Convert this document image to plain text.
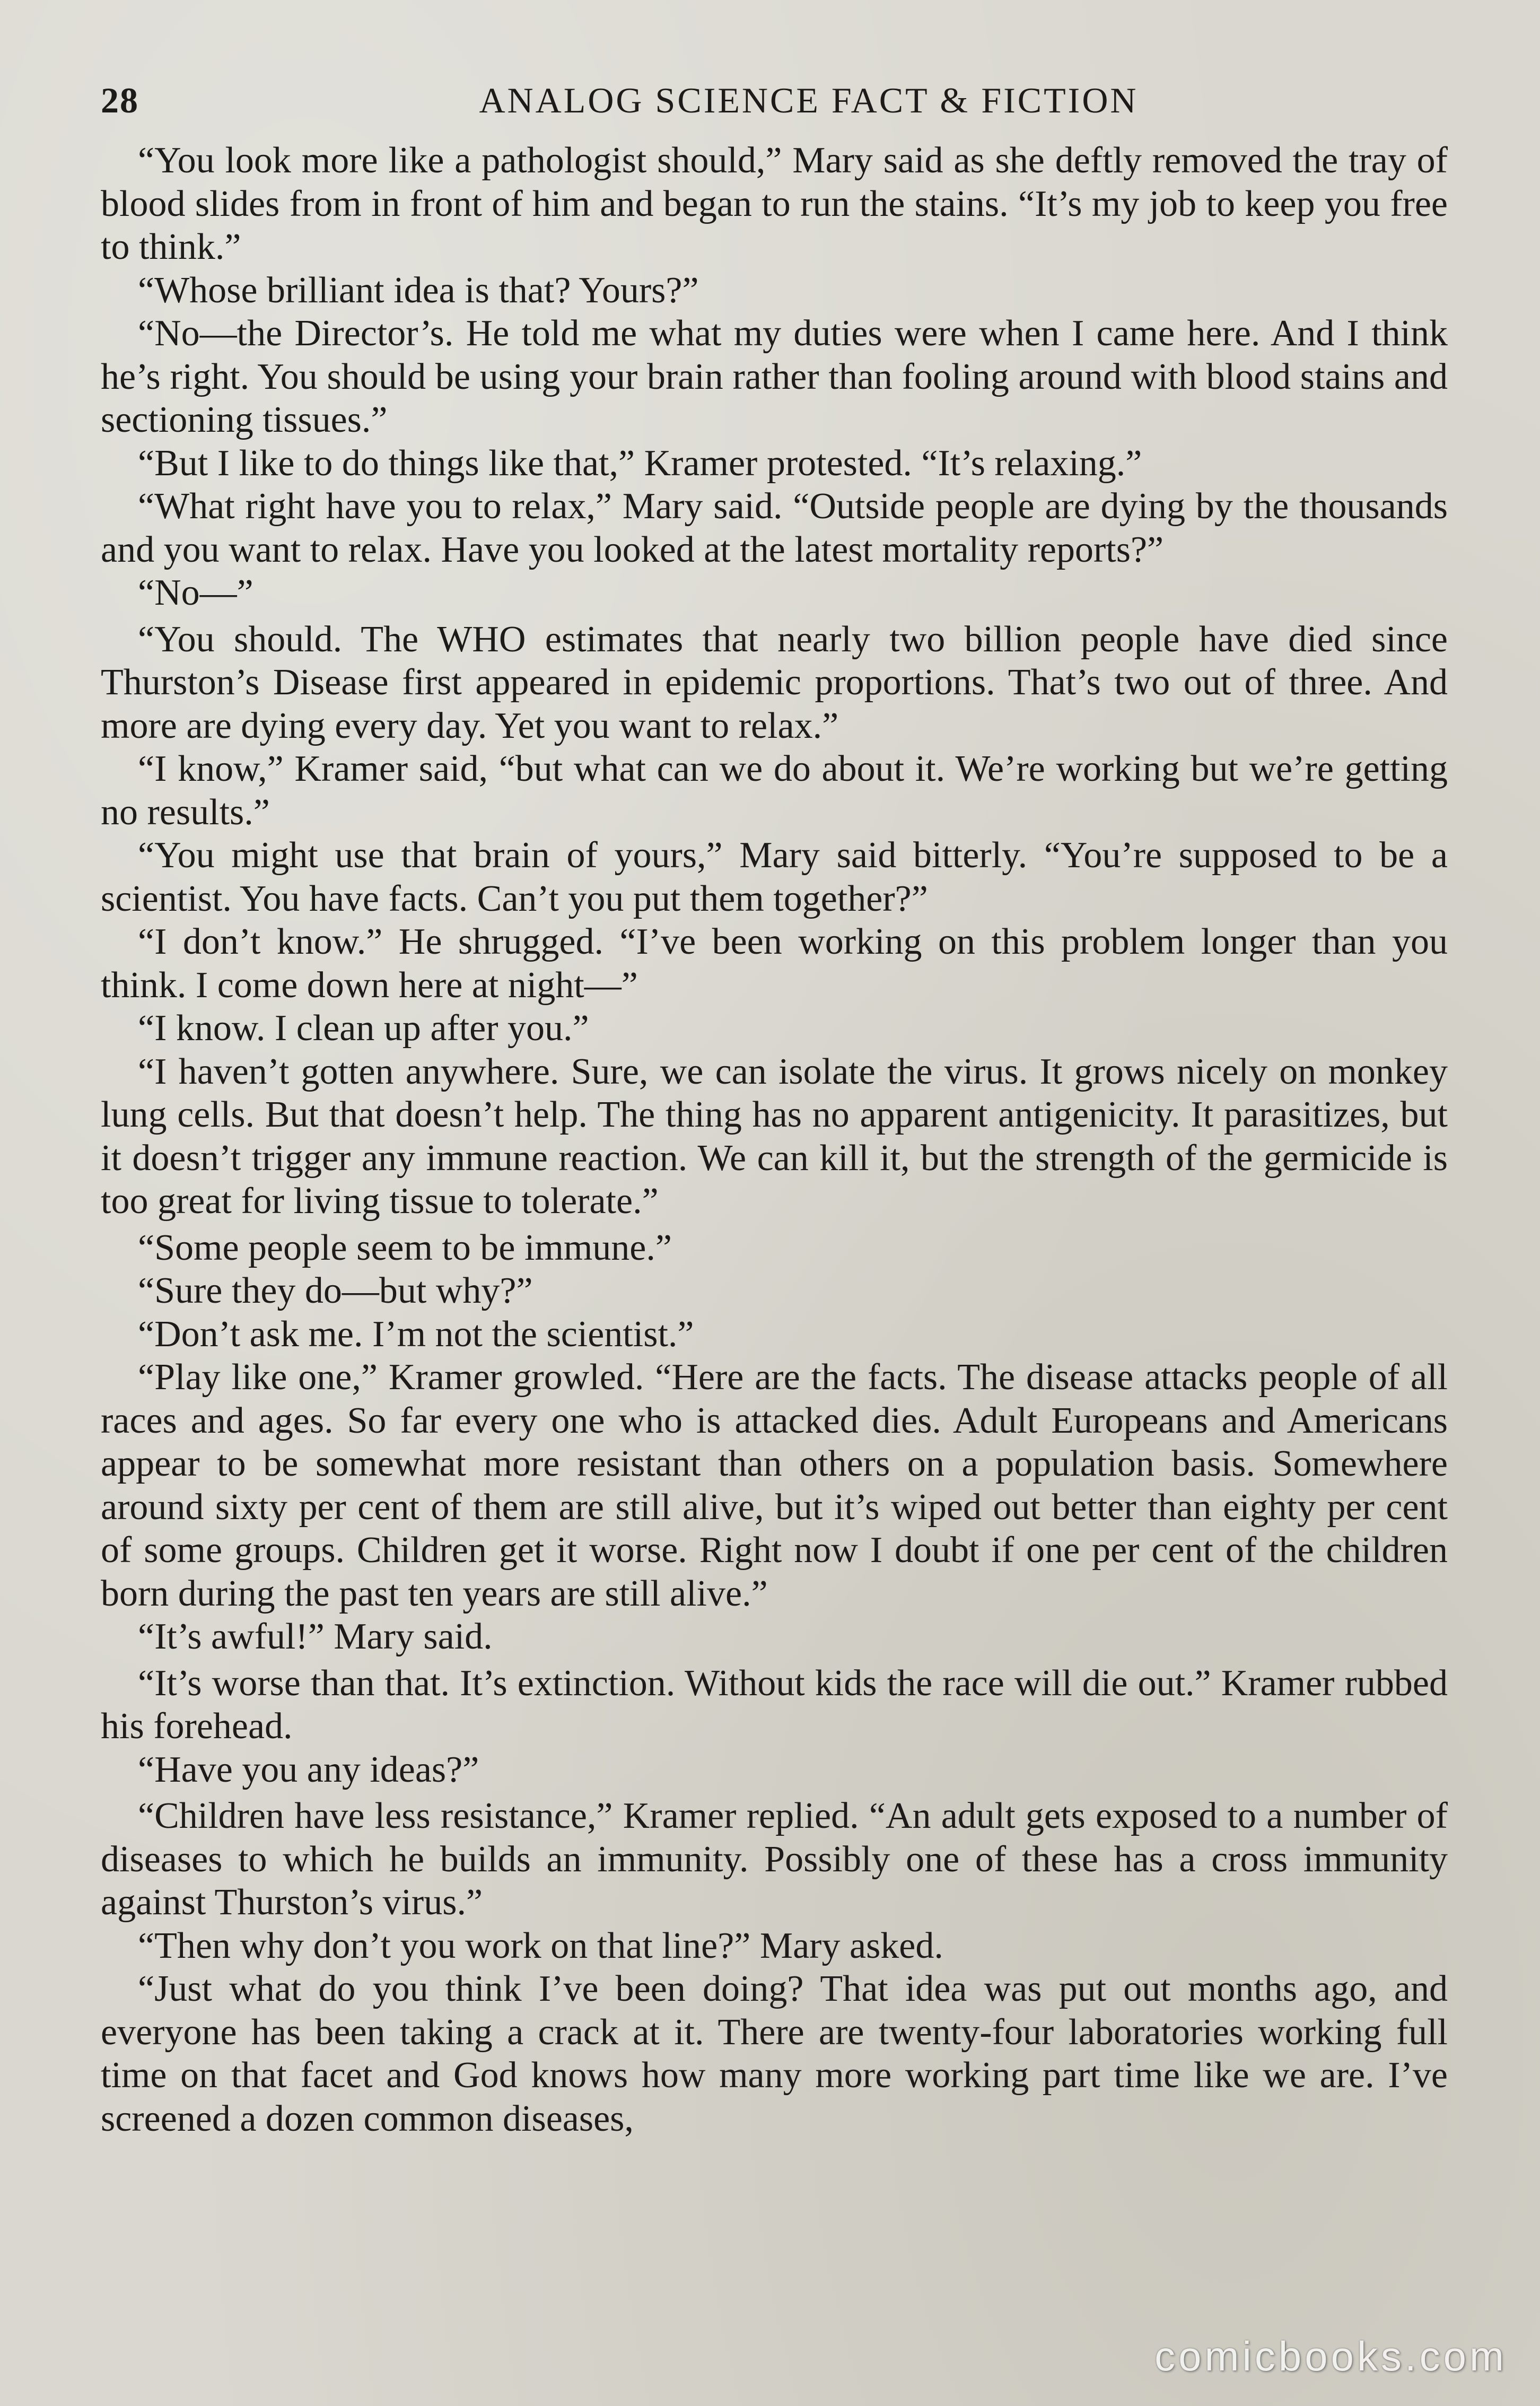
28	ANALOG SCIENCE FACT & FICTION

“You look more like a pathologist should,” Mary said as she deftly removed the tray of blood slides from in front of him and began to run the stains. “It’s my job to keep you free to think.”

“Whose brilliant idea is that? Yours?”

“No—the Director’s. He told me what my duties were when I came here. And I think he’s right. You should be using your brain rather than fooling around with blood stains and sectioning tissues.”

“But I like to do things like that,” Kramer protested. “It’s relaxing.”

“What right have you to relax,” Mary said. “Outside people are dying by the thousands and you want to relax. Have you looked at the latest mortality reports?”

“No—”

“You should. The WHO estimates that nearly two billion people have died since Thurston’s Disease first appeared in epidemic proportions. That’s two out of three. And more are dying every day. Yet you want to relax.”

“I know,” Kramer said, “but what can we do about it. We’re working but we’re getting no results.”

“You might use that brain of yours,” Mary said bitterly. “You’re supposed to be a scientist. You have facts. Can’t you put them together?”

“I don’t know.” He shrugged. “I’ve been working on this problem longer than you think. I come down here at night—”

“I know. I clean up after you.”

“I haven’t gotten anywhere. Sure, we can isolate the virus. It grows nicely on monkey lung cells. But that doesn’t help. The thing has no apparent antigenicity. It parasitizes, but it doesn’t trigger any immune reaction. We can kill it, but the strength of the germicide is too great for living tissue to tolerate.”

“Some people seem to be immune.”

“Sure they do—but why?”

“Don’t ask me. I’m not the scientist.”

“Play like one,” Kramer growled. “Here are the facts. The disease attacks people of all races and ages. So far every one who is attacked dies. Adult Europeans and Americans appear to be somewhat more resistant than others on a population basis. Somewhere around sixty per cent of them are still alive, but it’s wiped out better than eighty per cent of some groups. Children get it worse. Right now I doubt if one per cent of the children born during the past ten years are still alive.”

“It’s awful!” Mary said.

“It’s worse than that. It’s extinction. Without kids the race will die out.” Kramer rubbed his forehead.

“Have you any ideas?”

“Children have less resistance,” Kramer replied. “An adult gets exposed to a number of diseases to which he builds an immunity. Possibly one of these has a cross immunity against Thurston’s virus.”

“Then why don’t you work on that line?” Mary asked.

“Just what do you think I’ve been doing? That idea was put out months ago, and everyone has been taking a crack at it. There are twenty-four laboratories working full time on that facet and God knows how many more working part time like we are. I’ve screened a dozen common diseases,

comicbooks.com
